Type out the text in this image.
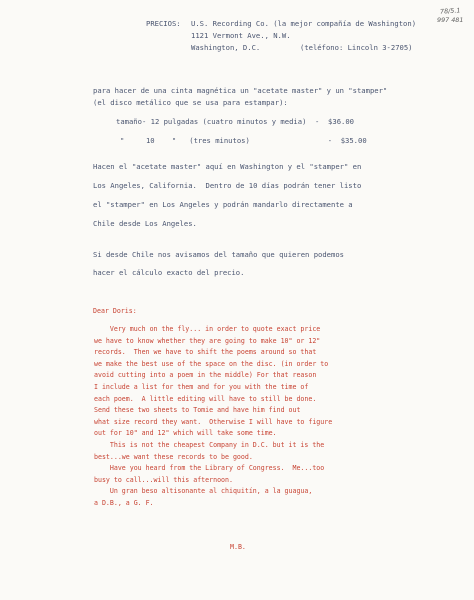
78/5.1
997 481
PRECIOS: U.S. Recording Co. (la mejor compañía de Washington)
1121 Vermont Ave., N.W.
Washington, D.C.	(teléfono: Lincoln 3-2705)
para hacer de una cinta magnética un "acetate master" y un "stamper"
(el disco metálico que se usa para estampar):
tamaño- 12 pulgadas (cuatro minutos y media)  -  $36.00
"     10    "   (tres minutos)                  -  $35.00
Hacen el "acetate master" aquí en Washington y el "stamper" en
Los Angeles, California.  Dentro de 10 días podrán tener listo
el "stamper" en Los Angeles y podrán mandarlo directamente a
Chile desde Los Angeles.
Si desde Chile nos avisamos del tamaño que quieren podemos
hacer el cálculo exacto del precio.
Dear Doris:
Very much on the fly... in order to quote exact price
we have to know whether they are going to make 10" or 12"
records.  Then we have to shift the poems around so that
we make the best use of the space on the disc. (in order to
avoid cutting into a poem in the middle) For that reason
I include a list for them and for you with the time of
each poem.  A little editing will have to still be done.
Send these two sheets to Tomie and have him find out
what size record they want.  Otherwise I will have to figure
out for 10" and 12" which will take some time.
This is not the cheapest Company in D.C. but it is the
best...we want these records to be good.
Have you heard from the Library of Congress.  Me...too
busy to call...will this afternoon.
Un gran beso altisonante al chiquitín, a la guagua,
a D.B., a G. F.
M.B.
